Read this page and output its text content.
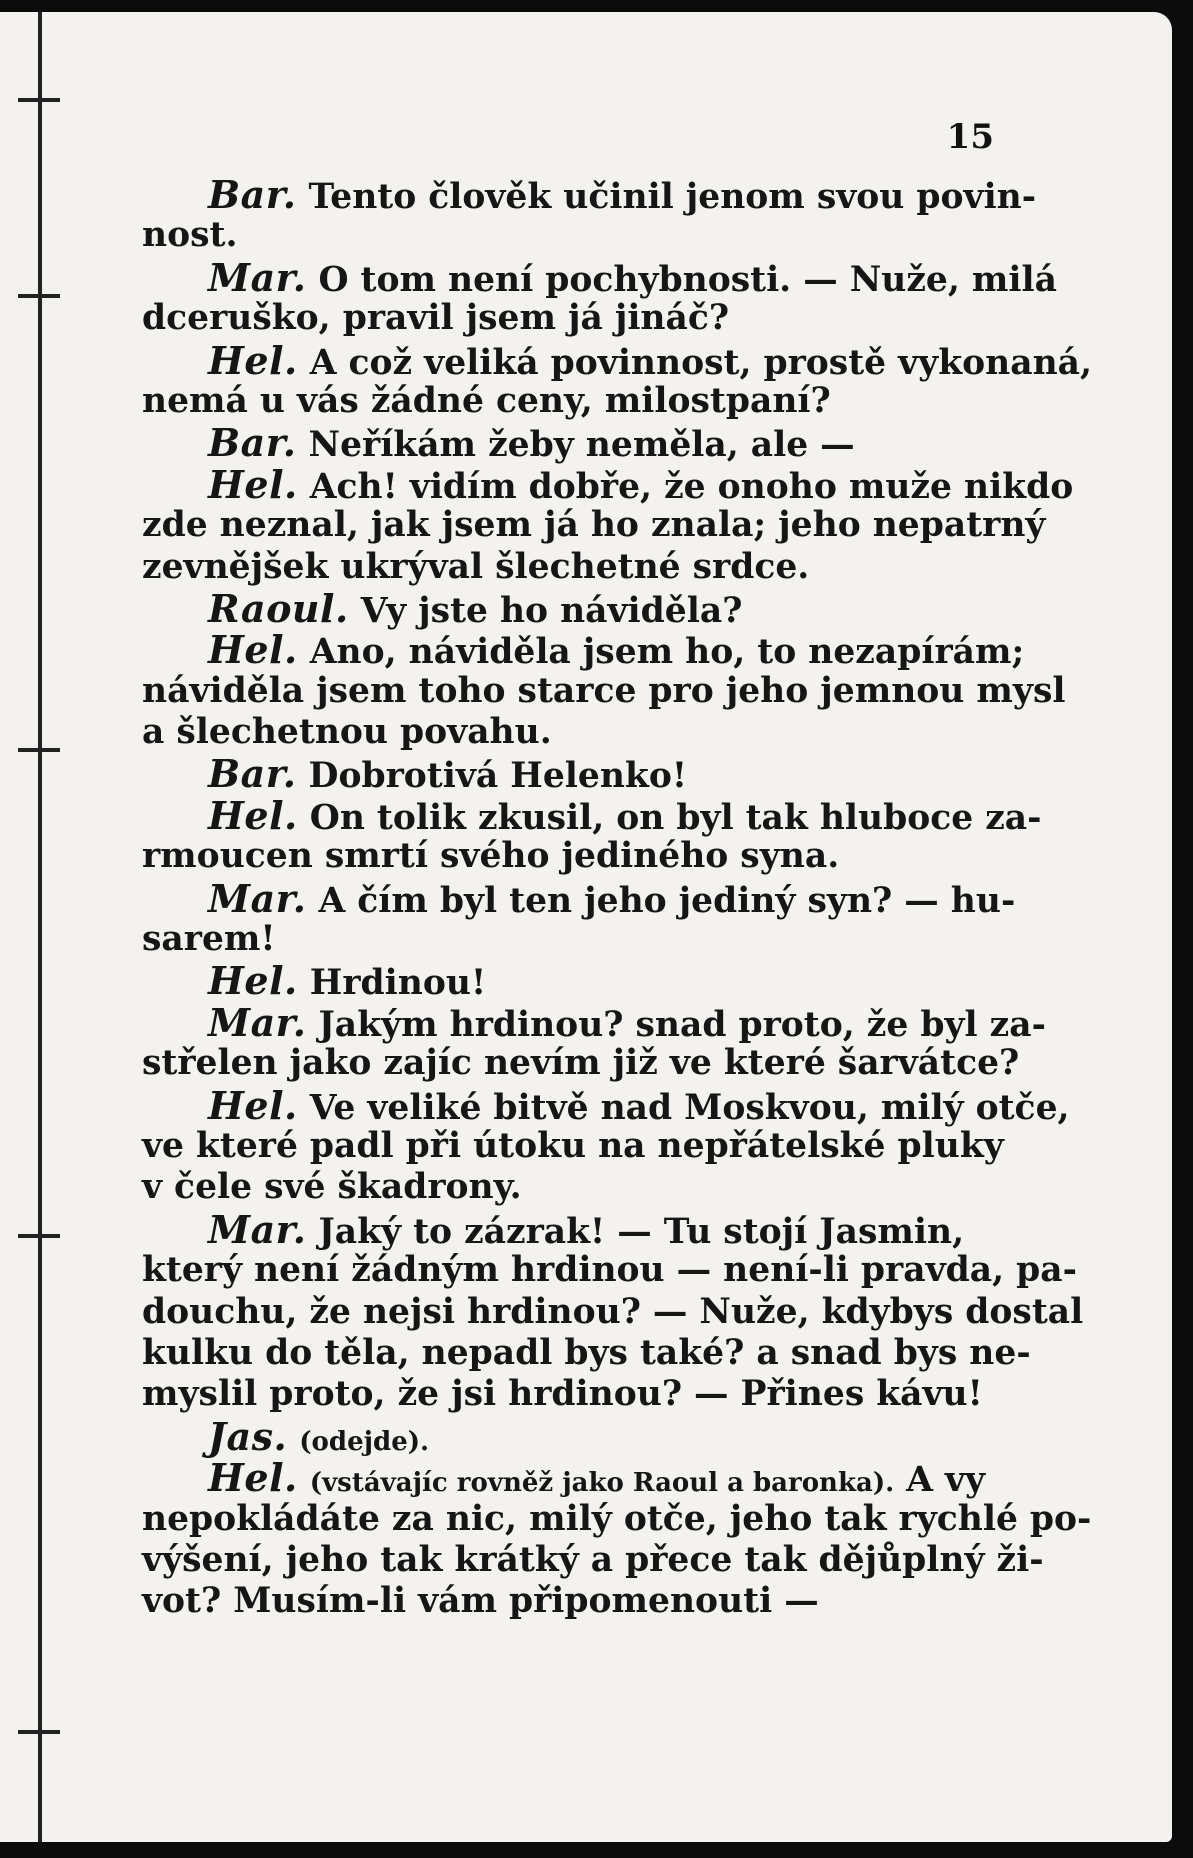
15
Bar. Tento člověk učinil jenom svou povin-
nost.
Mar. O tom není pochybnosti. — Nuže, milá
dceruško, pravil jsem já jináč?
Hel. A což veliká povinnost, prostě vykonaná,
nemá u vás žádné ceny, milostpaní?
Bar. Neříkám žeby neměla, ale —
Hel. Ach! vidím dobře, že onoho muže nikdo
zde neznal, jak jsem já ho znala; jeho nepatrný
zevnějšek ukrýval šlechetné srdce.
Raoul. Vy jste ho náviděla?
Hel. Ano, náviděla jsem ho, to nezapírám;
náviděla jsem toho starce pro jeho jemnou mysl
a šlechetnou povahu.
Bar. Dobrotivá Helenko!
Hel. On tolik zkusil, on byl tak hluboce za-
rmoucen smrtí svého jediného syna.
Mar. A čím byl ten jeho jediný syn? — hu-
sarem!
Hel. Hrdinou!
Mar. Jakým hrdinou? snad proto, že byl za-
střelen jako zajíc nevím již ve které šarvátce?
Hel. Ve veliké bitvě nad Moskvou, milý otče,
ve které padl při útoku na nepřátelské pluky
v čele své škadrony.
Mar. Jaký to zázrak! — Tu stojí Jasmin,
který není žádným hrdinou — není-li pravda, pa-
douchu, že nejsi hrdinou? — Nuže, kdybys dostal
kulku do těla, nepadl bys také? a snad bys ne-
myslil proto, že jsi hrdinou? — Přines kávu!
Jas. (odejde).
Hel. (vstávajíc rovněž jako Raoul a baronka). A vy
nepokládáte za nic, milý otče, jeho tak rychlé po-
výšení, jeho tak krátký a přece tak dějůplný ži-
vot? Musím-li vám připomenouti —
